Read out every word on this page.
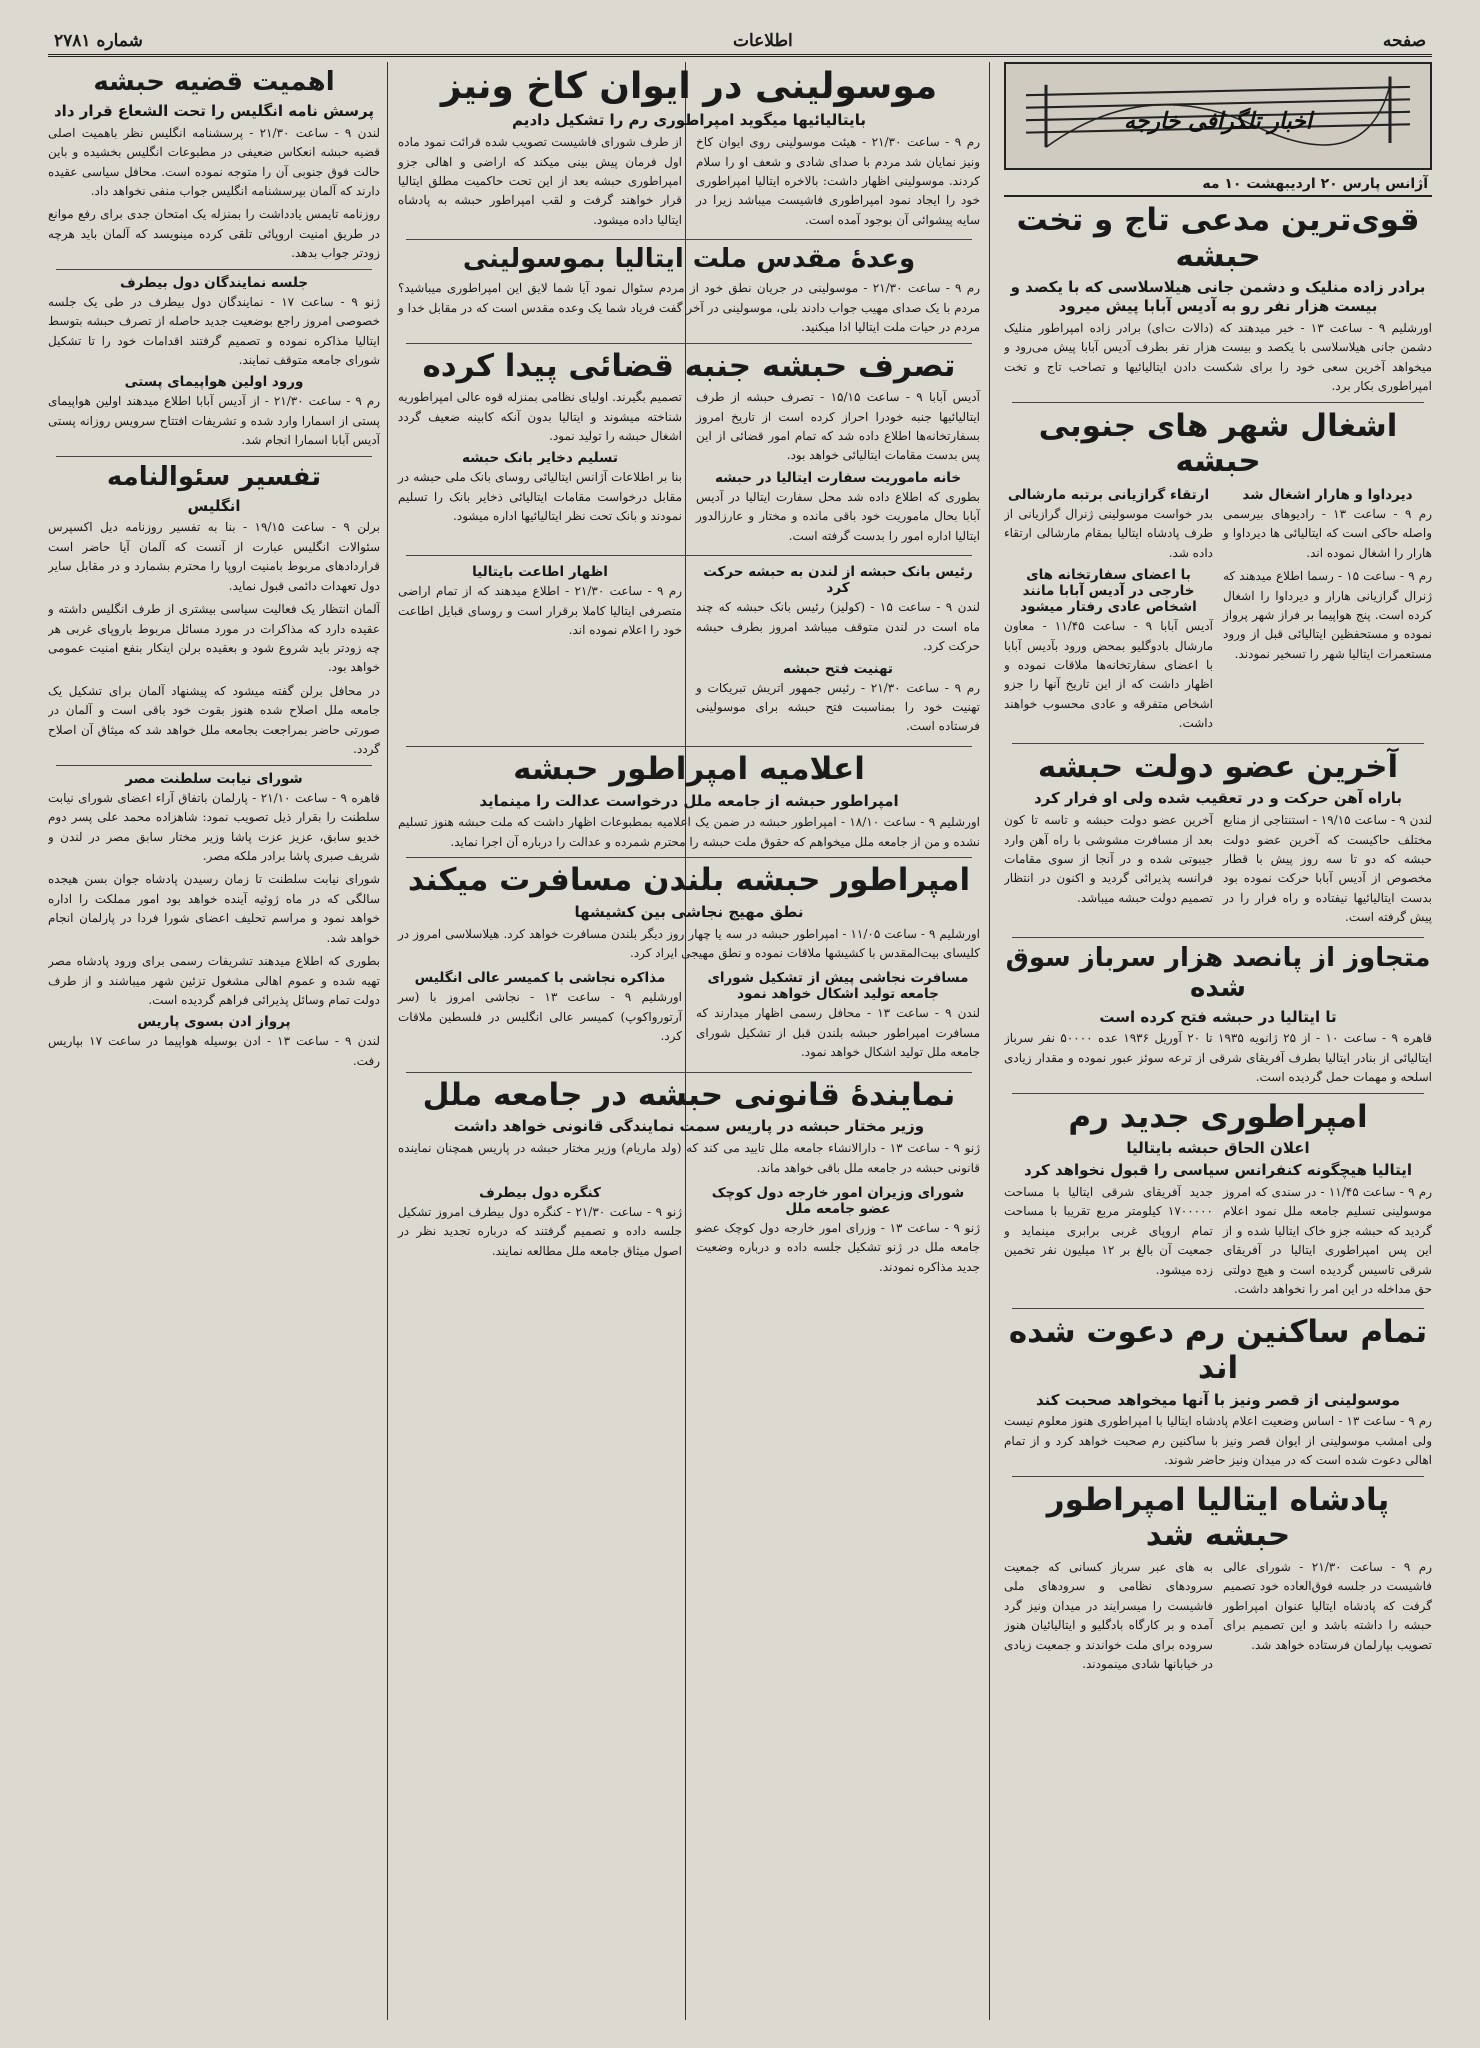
صفحه
اطلاعات
شماره ۲۷۸۱
اخبار تلگرافی خارجه
آژانس پارس ۲۰ اردیبهشت ۱۰ مه
قوی‌ترین مدعی تاج و تخت حبشه
برادر زاده منلیک و دشمن جانی هیلاسلاسی که با یکصد و بیست هزار نفر رو به آدیس آبابا پیش میرود

اورشلیم ۹ - ساعت ۱۳ - خبر میدهند که (دالات ت‌ای) برادر زاده امپراطور منلیک دشمن جانی هیلاسلاسی با یکصد و بیست هزار نفر بطرف آدیس آبابا پیش می‌رود و میخواهد آخرین سعی خود را برای شکست دادن ایتالیائیها و تصاحب تاج و تخت امپراطوری بکار برد.

اشغال شهر های جنوبی حبشه
دیرداوا و هارار اشغال شد

رم ۹ - ساعت ۱۳ - رادیوهای بیرسمی واصله حاکی است که ایتالیائی ها دیرداوا و هارار را اشغال نموده اند.

رم ۹ - ساعت ۱۵ - رسما اطلاع میدهند که ژنرال گرازیانی هارار و دیرداوا را اشغال کرده است. پنج هواپیما بر فراز شهر پرواز نموده و مستحفظین ایتالیائی قبل از ورود مستعمرات ایتالیا شهر را تسخیر نمودند.

ارتقاء گرازیانی برتبه مارشالی

بدر خواست موسولینی ژنرال گرازیانی از طرف پادشاه ایتالیا بمقام مارشالی ارتقاء داده شد.

با اعضای سفارتخانه های خارجی در آدیس آبابا مانند اشخاص عادی رفتار میشود

آدیس آبابا ۹ - ساعت ۱۱/۴۵ - معاون مارشال بادوگلیو بمحض ورود بآدیس آبابا با اعضای سفارتخانه‌ها ملاقات نموده و اظهار داشت که از این تاریخ آنها را جزو اشخاص متفرقه و عادی محسوب خواهند داشت.

آخرین عضو دولت حبشه
باراه آهن حرکت و در تعقیب شده ولی او فرار کرد

لندن ۹ - ساعت ۱۹/۱۵ - استنتاجی از منابع مختلف حاکیست که آخرین عضو دولت حبشه که دو تا سه روز پیش با قطار مخصوص از آدیس آبابا حرکت نموده بود بدست ایتالیائیها نیفتاده و راه فرار را در پیش گرفته است.

آخرین عضو دولت حبشه و تاسه تا کون بعد از مسافرت مشوشی با راه آهن وارد جیبوتی شده و در آنجا از سوی مقامات فرانسه پذیرائی گردید و اکنون در انتظار تصمیم دولت حبشه میباشد.

متجاوز از پانصد هزار سرباز سوق شده
تا ایتالیا در حبشه فتح کرده است

قاهره ۹ - ساعت ۱۰ - از ۲۵ ژانویه ۱۹۳۵ تا ۲۰ آوریل ۱۹۳۶ عده ۵۰۰۰۰ نفر سرباز ایتالیائی از بنادر ایتالیا بطرف آفریقای شرقی از ترعه سوئز عبور نموده و مقدار زیادی اسلحه و مهمات حمل گردیده است.

امپراطوری جدید رم
اعلان الحاق حبشه بایتالیا
ایتالیا هیچگونه کنفرانس سیاسی را قبول نخواهد کرد

رم ۹ - ساعت ۱۱/۴۵ - در سندی که امروز موسولینی تسلیم جامعه ملل نمود اعلام گردید که حبشه جزو خاک ایتالیا شده و از این پس امپراطوری ایتالیا در آفریقای شرقی تاسیس گردیده است و هیچ دولتی حق مداخله در این امر را نخواهد داشت.

جدید آفریقای شرقی ایتالیا با مساحت ۱۷۰۰۰۰۰ کیلومتر مربع تقریبا با مساحت تمام اروپای غربی برابری مینماید و جمعیت آن بالغ بر ۱۲ میلیون نفر تخمین زده میشود.

تمام ساکنین رم دعوت شده اند
موسولینی از قصر ونیز با آنها میخواهد صحبت کند

رم ۹ - ساعت ۱۳ - اساس وضعیت اعلام پادشاه ایتالیا با امپراطوری هنوز معلوم نیست ولی امشب موسولینی از ایوان قصر ونیز با ساکنین رم صحبت خواهد کرد و از تمام اهالی دعوت شده است که در میدان ونیز حاضر شوند.

پادشاه ایتالیا امپراطور حبشه شد

رم ۹ - ساعت ۲۱/۳۰ - شورای عالی فاشیست در جلسه فوق‌العاده خود تصمیم گرفت که پادشاه ایتالیا عنوان امپراطور حبشه را داشته باشد و این تصمیم برای تصویب بپارلمان فرستاده خواهد شد.

به های عبر سرباز کسانی که جمعیت سرودهای نظامی و سرودهای ملی فاشیست را میسرایند در میدان ونیز گرد آمده و بر کارگاه بادگلیو و ایتالیائیان هنوز سروده برای ملت خواندند و جمعیت زیادی در خیابانها شادی مینمودند.

موسولینی در ایوان کاخ ونیز
بایتالیائیها میگوید امپراطوری رم را تشکیل دادیم

رم ۹ - ساعت ۲۱/۳۰ - هیئت موسولینی روی ایوان کاخ ونیز نمایان شد مردم با صدای شادی و شعف او را سلام کردند. موسولینی اظهار داشت: بالاخره ایتالیا امپراطوری خود را ایجاد نمود امپراطوری فاشیست میباشد زیرا در سایه پیشوائی آن بوجود آمده است.

از طرف شورای فاشیست تصویب شده قرائت نمود ماده اول فرمان پیش بینی میکند که اراضی و اهالی جزو امپراطوری حبشه بعد از این تحت حاکمیت مطلق ایتالیا قرار خواهند گرفت و لقب امپراطور حبشه به پادشاه ایتالیا داده میشود.

وعدهٔ مقدس ملت ایتالیا بموسولینی

رم ۹ - ساعت ۲۱/۳۰ - موسولینی در جریان نطق خود از مردم سئوال نمود آیا شما لایق این امپراطوری میباشید؟ مردم با یک صدای مهیب جواب دادند بلی، موسولینی در آخر گفت فریاد شما یک وعده مقدس است که در مقابل خدا و مردم در حیات ملت ایتالیا ادا میکنید.

تصرف حبشه جنبه قضائی پیدا کرده

آدیس آبابا ۹ - ساعت ۱۵/۱۵ - تصرف حبشه از طرف ایتالیائیها جنبه خودرا احراز کرده است از تاریخ امروز بسفارتخانه‌ها اطلاع داده شد که تمام امور قضائی از این پس بدست مقامات ایتالیائی خواهد بود.

خانه ماموریت سفارت ایتالیا در حبشه

بطوری که اطلاع داده شد محل سفارت ایتالیا در آدیس آبابا بحال ماموریت خود باقی مانده و مختار و عارزالدور ایتالیا اداره امور را بدست گرفته است.

تصمیم بگیرند. اولیای نظامی بمنزله قوه عالی امپراطوریه شناخته میشوند و ایتالیا بدون آنکه کابینه ضعیف گردد اشغال حبشه را تولید نمود.

تسلیم دخایر بانک حبشه

بنا بر اطلاعات آژانس ایتالیائی روسای بانک ملی حبشه در مقابل درخواست مقامات ایتالیائی ذخایر بانک را تسلیم نمودند و بانک تحت نظر ایتالیائیها اداره میشود.

رئیس بانک حبشه از لندن به حبشه حرکت کرد

لندن ۹ - ساعت ۱۵ - (کولیز) رئیس بانک حبشه که چند ماه است در لندن متوقف میباشد امروز بطرف حبشه حرکت کرد.

تهنیت فتح حبشه

رم ۹ - ساعت ۲۱/۳۰ - رئیس جمهور اتریش تبریکات و تهنیت خود را بمناسبت فتح حبشه برای موسولینی فرستاده است.

اظهار اطاعت بایتالیا

رم ۹ - ساعت ۲۱/۳۰ - اطلاع میدهند که از تمام اراضی متصرفی ایتالیا کاملا برقرار است و روسای قبایل اطاعت خود را اعلام نموده اند.

اعلامیه امپراطور حبشه
امپراطور حبشه از جامعه ملل درخواست عدالت را مینماید

اورشلیم ۹ - ساعت ۱۸/۱۰ - امپراطور حبشه در ضمن یک اعلامیه بمطبوعات اظهار داشت که ملت حبشه هنوز تسلیم نشده و من از جامعه ملل میخواهم که حقوق ملت حبشه را محترم شمرده و عدالت را درباره آن اجرا نماید.

امپراطور حبشه بلندن مسافرت میکند
نطق مهیج نجاشی بین کشیشها

اورشلیم ۹ - ساعت ۱۱/۰۵ - امپراطور حبشه در سه یا چهار روز دیگر بلندن مسافرت خواهد کرد. هیلاسلاسی امروز در کلیسای بیت‌المقدس با کشیشها ملاقات نموده و نطق مهیجی ایراد کرد.

مسافرت نجاشی پیش از تشکیل شورای جامعه تولید اشکال خواهد نمود

لندن ۹ - ساعت ۱۳ - محافل رسمی اظهار میدارند که مسافرت امپراطور حبشه بلندن قبل از تشکیل شورای جامعه ملل تولید اشکال خواهد نمود.

مذاکره نجاشی با کمیسر عالی انگلیس

اورشلیم ۹ - ساعت ۱۳ - نجاشی امروز با (سر آرتورواکوپ) کمیسر عالی انگلیس در فلسطین ملاقات کرد.

نمایندهٔ قانونی حبشه در جامعه ملل
وزیر مختار حبشه در پاریس سمت نمایندگی قانونی خواهد داشت

ژنو ۹ - ساعت ۱۳ - دارالانشاء جامعه ملل تایید می کند که (ولد ماریام) وزیر مختار حبشه در پاریس همچنان نماینده قانونی حبشه در جامعه ملل باقی خواهد ماند.

شورای وزیران امور خارجه دول کوچک عضو جامعه ملل

ژنو ۹ - ساعت ۱۳ - وزرای امور خارجه دول کوچک عضو جامعه ملل در ژنو تشکیل جلسه داده و درباره وضعیت جدید مذاکره نمودند.

کنگره دول بیطرف

ژنو ۹ - ساعت ۲۱/۳۰ - کنگره دول بیطرف امروز تشکیل جلسه داده و تصمیم گرفتند که درباره تجدید نظر در اصول میثاق جامعه ملل مطالعه نمایند.

اهمیت قضیه حبشه
پرسش نامه انگلیس را تحت الشعاع قرار داد

لندن ۹ - ساعت ۲۱/۳۰ - پرسشنامه انگلیس نظر باهمیت اصلی قضیه حبشه انعکاس ضعیفی در مطبوعات انگلیس بخشیده و باین حالت فوق جنوبی آن را متوجه نموده است. محافل سیاسی عقیده دارند که آلمان بپرسشنامه انگلیس جواب منفی نخواهد داد.

روزنامه تایمس یادداشت را بمنزله یک امتحان جدی برای رفع موانع در طریق امنیت اروپائی تلقی کرده مینویسد که آلمان باید هرچه زودتر جواب بدهد.

جلسه نمایندگان دول بیطرف

ژنو ۹ - ساعت ۱۷ - نمایندگان دول بیطرف در طی یک جلسه خصوصی امروز راجع بوضعیت جدید حاصله از تصرف حبشه بتوسط ایتالیا مذاکره نموده و تصمیم گرفتند اقدامات خود را تا تشکیل شورای جامعه متوقف نمایند.

ورود اولین هواپیمای پستی

رم ۹ - ساعت ۲۱/۳۰ - از آدیس آبابا اطلاع میدهند اولین هواپیمای پستی از اسمارا وارد شده و تشریفات افتتاح سرویس روزانه پستی آدیس آبابا اسمارا انجام شد.

تفسیر سئوالنامه
انگلیس

برلن ۹ - ساعت ۱۹/۱۵ - بنا به تفسیر روزنامه دیل اکسپرس سئوالات انگلیس عبارت از آنست که آلمان آیا حاضر است قراردادهای مربوط بامنیت اروپا را محترم بشمارد و در مقابل سایر دول تعهدات دائمی قبول نماید.

آلمان انتظار یک فعالیت سیاسی بیشتری از طرف انگلیس داشته و عقیده دارد که مذاکرات در مورد مسائل مربوط باروپای غربی هر چه زودتر باید شروع شود و بعقیده برلن اینکار بنفع امنیت عمومی خواهد بود.

در محافل برلن گفته میشود که پیشنهاد آلمان برای تشکیل یک جامعه ملل اصلاح شده هنوز بقوت خود باقی است و آلمان در صورتی حاضر بمراجعت بجامعه ملل خواهد شد که میثاق آن اصلاح گردد.

شورای نیابت سلطنت مصر

قاهره ۹ - ساعت ۲۱/۱۰ - پارلمان باتفاق آراء اعضای شورای نیابت سلطنت را بقرار ذیل تصویب نمود: شاهزاده محمد علی پسر دوم خدیو سابق، عزیز عزت پاشا وزیر مختار سابق مصر در لندن و شریف صبری پاشا برادر ملکه مصر.

شورای نیابت سلطنت تا زمان رسیدن پادشاه جوان بسن هیجده سالگی که در ماه ژوئیه آینده خواهد بود امور مملکت را اداره خواهد نمود و مراسم تحلیف اعضای شورا فردا در پارلمان انجام خواهد شد.

بطوری که اطلاع میدهند تشریفات رسمی برای ورود پادشاه مصر تهیه شده و عموم اهالی مشغول تزئین شهر میباشند و از طرف دولت تمام وسائل پذیرائی فراهم گردیده است.

پرواز ادن بسوی پاریس

لندن ۹ - ساعت ۱۳ - ادن بوسیله هواپیما در ساعت ۱۷ بپاریس رفت.
